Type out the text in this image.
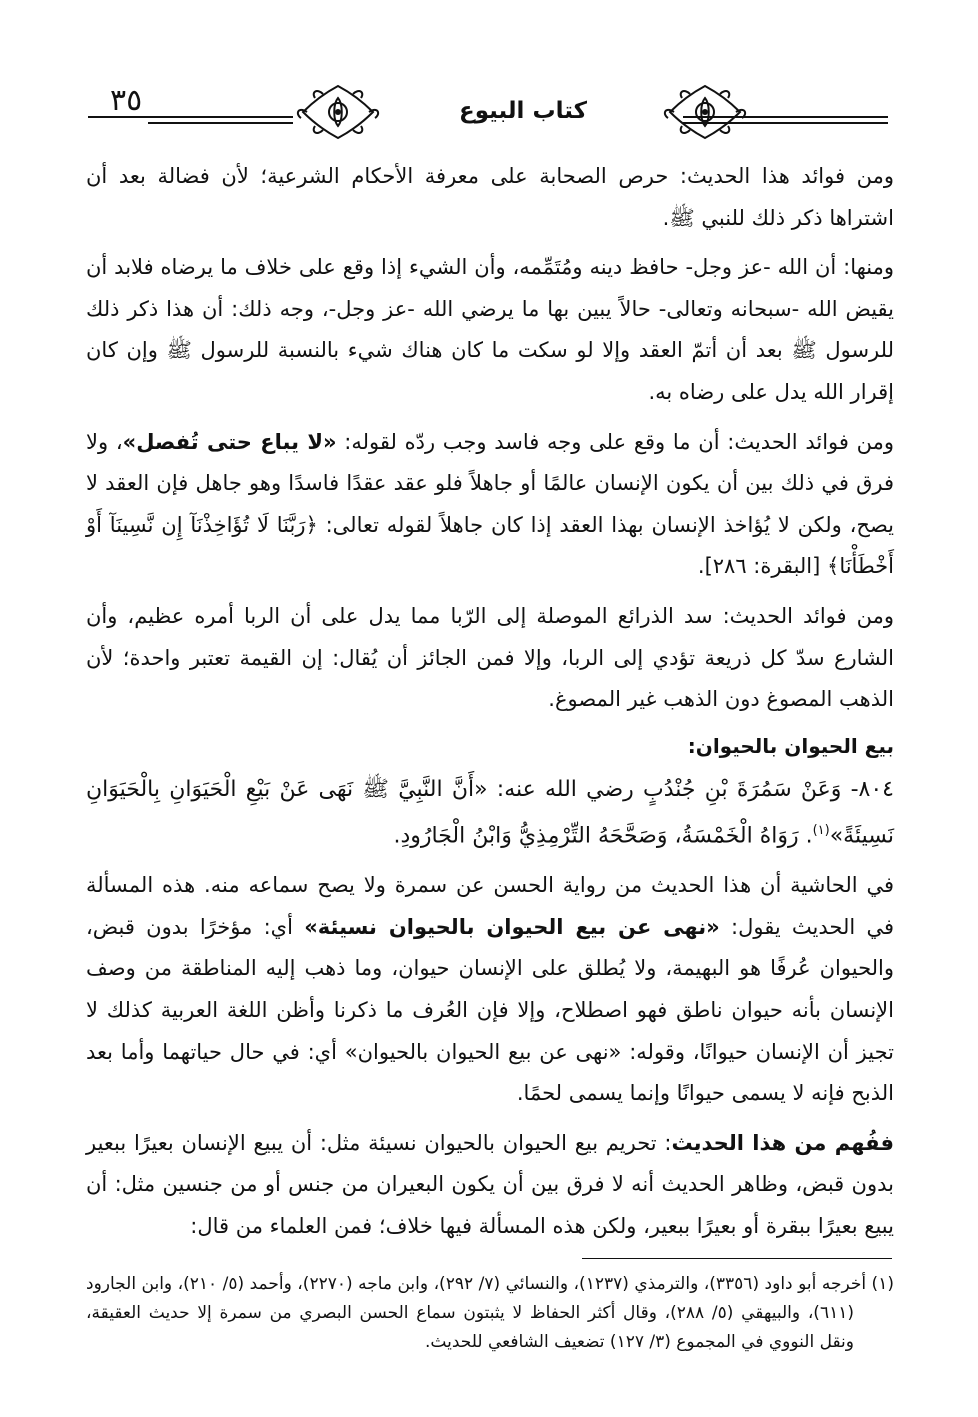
٣٥	كتاب البيوع

ومن فوائد هذا الحديث: حرص الصحابة على معرفة الأحكام الشرعية؛ لأن فضالة بعد أن اشتراها ذكر ذلك للنبي ﷺ.

ومنها: أن الله -عز وجل- حافظ دينه ومُتَمِّمه، وأن الشيء إذا وقع على خلاف ما يرضاه فلابد أن يقيض الله -سبحانه وتعالى- حالاً يبين بها ما يرضي الله -عز وجل-، وجه ذلك: أن هذا ذكر ذلك للرسول ﷺ بعد أن أتمّ العقد وإلا لو سكت ما كان هناك شيء بالنسبة للرسول ﷺ وإن كان إقرار الله يدل على رضاه به.

ومن فوائد الحديث: أن ما وقع على وجه فاسد وجب ردّه لقوله: «لا يباع حتى تُفصل»، ولا فرق في ذلك بين أن يكون الإنسان عالمًا أو جاهلاً فلو عقد عقدًا فاسدًا وهو جاهل فإن العقد لا يصح، ولكن لا يُؤاخذ الإنسان بهذا العقد إذا كان جاهلاً لقوله تعالى: ﴿رَبَّنَا لَا تُؤَاخِذْنَآ إِن نَّسِينَآ أَوْ أَخْطَأْنَا﴾ [البقرة: ٢٨٦].

ومن فوائد الحديث: سد الذرائع الموصلة إلى الرّبا مما يدل على أن الربا أمره عظيم، وأن الشارع سدّ كل ذريعة تؤدي إلى الربا، وإلا فمن الجائز أن يُقال: إن القيمة تعتبر واحدة؛ لأن الذهب المصوغ دون الذهب غير المصوغ.

بيع الحيوان بالحيوان:

٨٠٤- وَعَنْ سَمُرَةَ بْنِ جُنْدُبٍ رضي الله عنه: «أَنَّ النَّبِيَّ ﷺ نَهَى عَنْ بَيْعِ الْحَيَوَانِ بِالْحَيَوَانِ نَسِيئَةً»$^{(١)}$. رَوَاهُ الْخَمْسَةُ، وَصَحَّحَهُ التِّرْمِذِيُّ وَابْنُ الْجَارُودِ.

في الحاشية أن هذا الحديث من رواية الحسن عن سمرة ولا يصح سماعه منه. هذه المسألة في الحديث يقول: «نهى عن بيع الحيوان بالحيوان نسيئة» أي: مؤخرًا بدون قبض، والحيوان عُرفًا هو البهيمة، ولا يُطلق على الإنسان حيوان، وما ذهب إليه المناطقة من وصف الإنسان بأنه حيوان ناطق فهو اصطلاح، وإلا فإن العُرف ما ذكرنا وأظن اللغة العربية كذلك لا تجيز أن الإنسان حيوانًا، وقوله: «نهى عن بيع الحيوان بالحيوان» أي: في حال حياتهما وأما بعد الذبح فإنه لا يسمى حيوانًا وإنما يسمى لحمًا.

ففُهم من هذا الحديث: تحريم بيع الحيوان بالحيوان نسيئة مثل: أن يبيع الإنسان بعيرًا ببعير بدون قبض، وظاهر الحديث أنه لا فرق بين أن يكون البعيران من جنس أو من جنسين مثل: أن يبيع بعيرًا ببقرة أو بعيرًا ببعير، ولكن هذه المسألة فيها خلاف؛ فمن العلماء من قال:

(١) أخرجه أبو داود (٣٣٥٦)، والترمذي (١٢٣٧)، والنسائي (٧/ ٢٩٢)، وابن ماجه (٢٢٧٠)، وأحمد (٥/ ٢١٠)، وابن الجارود (٦١١)، والبيهقي (٥/ ٢٨٨)، وقال أكثر الحفاظ لا يثبتون سماع الحسن البصري من سمرة إلا حديث العقيقة، ونقل النووي في المجموع (٣/ ١٢٧) تضعيف الشافعي للحديث.
